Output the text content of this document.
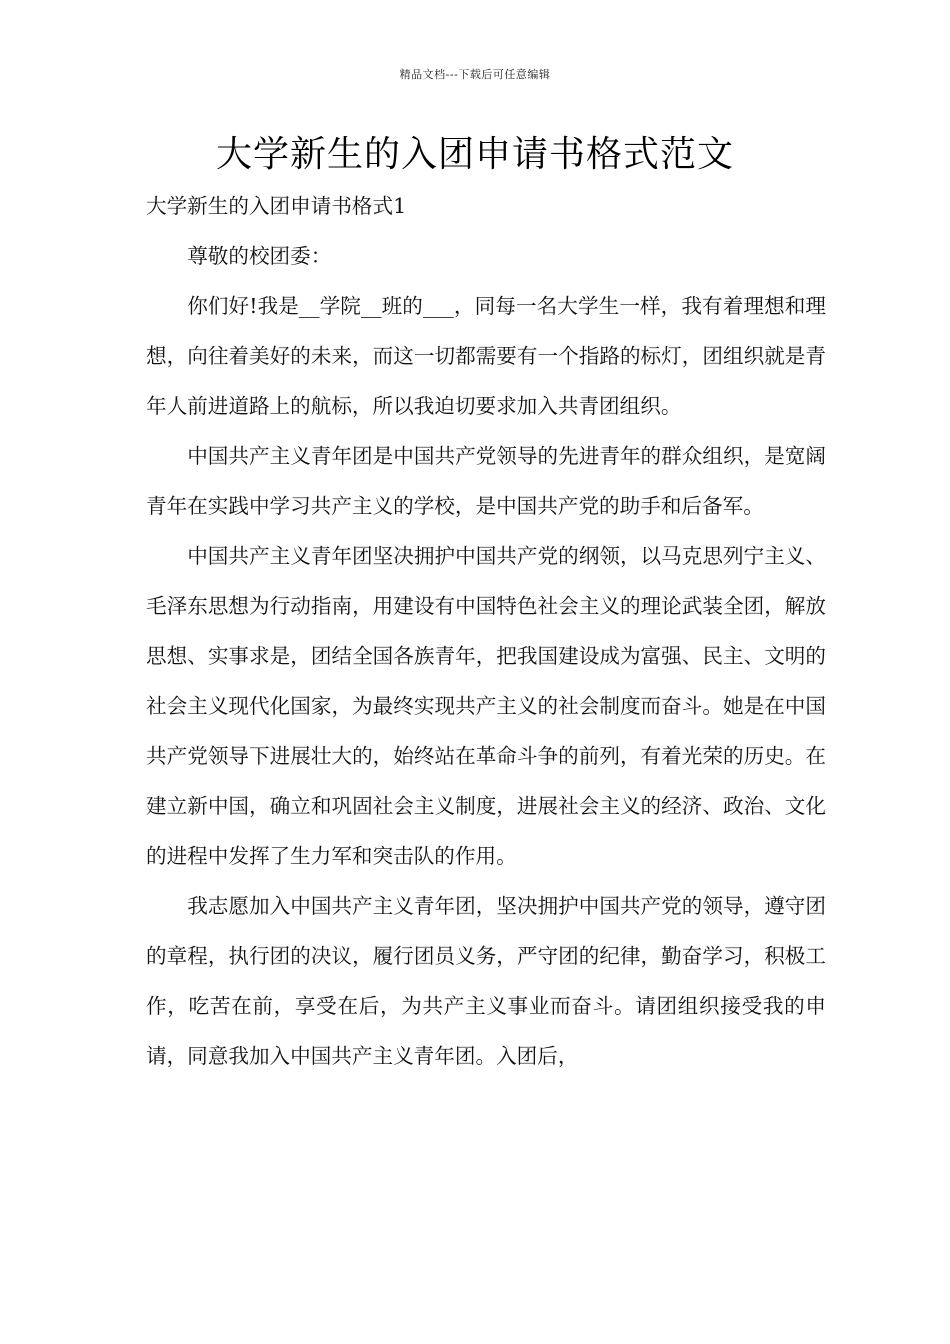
精品文档---下载后可任意编辑
大学新生的入团申请书格式范文

大学新生的入团申请书格式1

尊敬的校团委：

你们好!我是__学院__班的___，同每一名大学生一样，我有着理想和理想，向往着美好的未来，而这一切都需要有一个指路的标灯，团组织就是青年人前进道路上的航标，所以我迫切要求加入共青团组织。

中国共产主义青年团是中国共产党领导的先进青年的群众组织，是宽阔青年在实践中学习共产主义的学校，是中国共产党的助手和后备军。

中国共产主义青年团坚决拥护中国共产党的纲领，以马克思列宁主义、毛泽东思想为行动指南，用建设有中国特色社会主义的理论武装全团，解放思想、实事求是，团结全国各族青年，把我国建设成为富强、民主、文明的社会主义现代化国家，为最终实现共产主义的社会制度而奋斗。她是在中国共产党领导下进展壮大的，始终站在革命斗争的前列，有着光荣的历史。在建立新中国，确立和巩固社会主义制度，进展社会主义的经济、政治、文化的进程中发挥了生力军和突击队的作用。

我志愿加入中国共产主义青年团，坚决拥护中国共产党的领导，遵守团的章程，执行团的决议，履行团员义务，严守团的纪律，勤奋学习，积极工作，吃苦在前，享受在后，为共产主义事业而奋斗。请团组织接受我的申请，同意我加入中国共产主义青年团。入团后，
